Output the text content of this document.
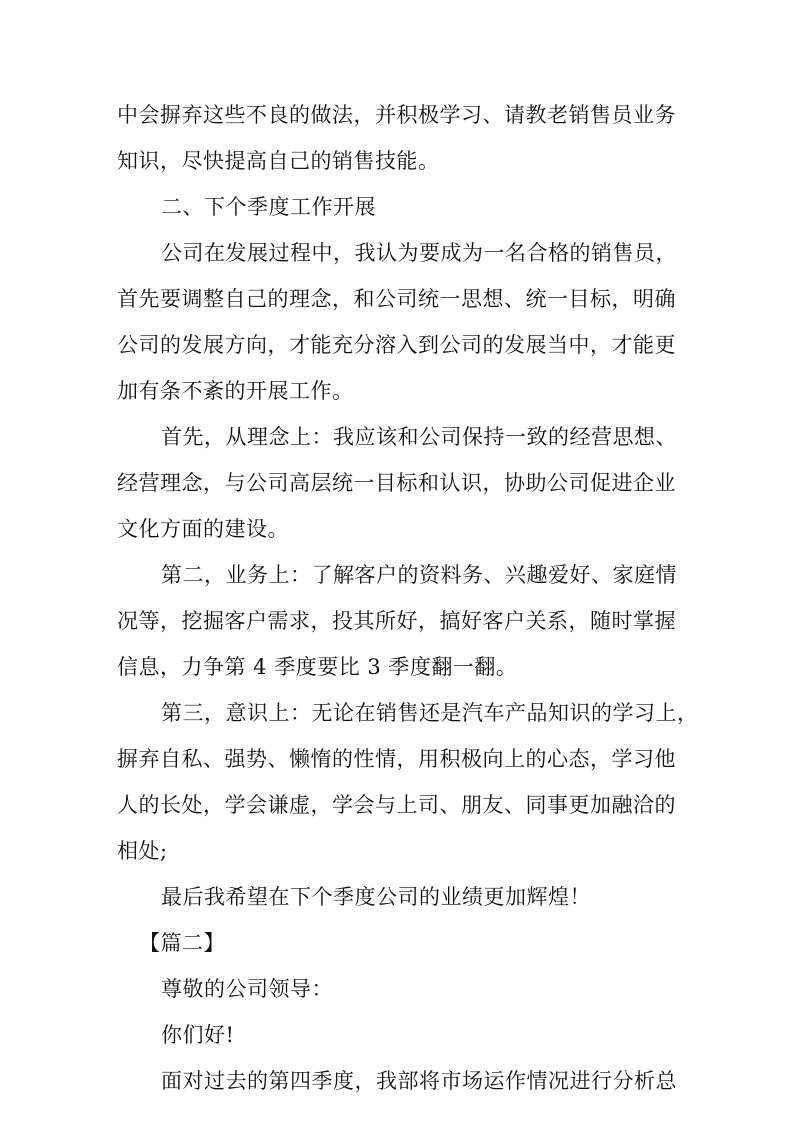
中会摒弃这些不良的做法，并积极学习、请教老销售员业务
知识，尽快提高自己的销售技能。
二、下个季度工作开展
公司在发展过程中，我认为要成为一名合格的销售员，
首先要调整自己的理念，和公司统一思想、统一目标，明确
公司的发展方向，才能充分溶入到公司的发展当中，才能更
加有条不紊的开展工作。
首先，从理念上：我应该和公司保持一致的经营思想、
经营理念，与公司高层统一目标和认识，协助公司促进企业
文化方面的建设。
第二，业务上：了解客户的资料务、兴趣爱好、家庭情
况等，挖掘客户需求，投其所好，搞好客户关系，随时掌握
信息，力争第 4 季度要比 3 季度翻一翻。
第三，意识上：无论在销售还是汽车产品知识的学习上，
摒弃自私、强势、懒惰的性情，用积极向上的心态，学习他
人的长处，学会谦虚，学会与上司、朋友、同事更加融洽的
相处;
最后我希望在下个季度公司的业绩更加辉煌！
【篇二】
尊敬的公司领导：
你们好!
面对过去的第四季度，我部将市场运作情况进行分析总
